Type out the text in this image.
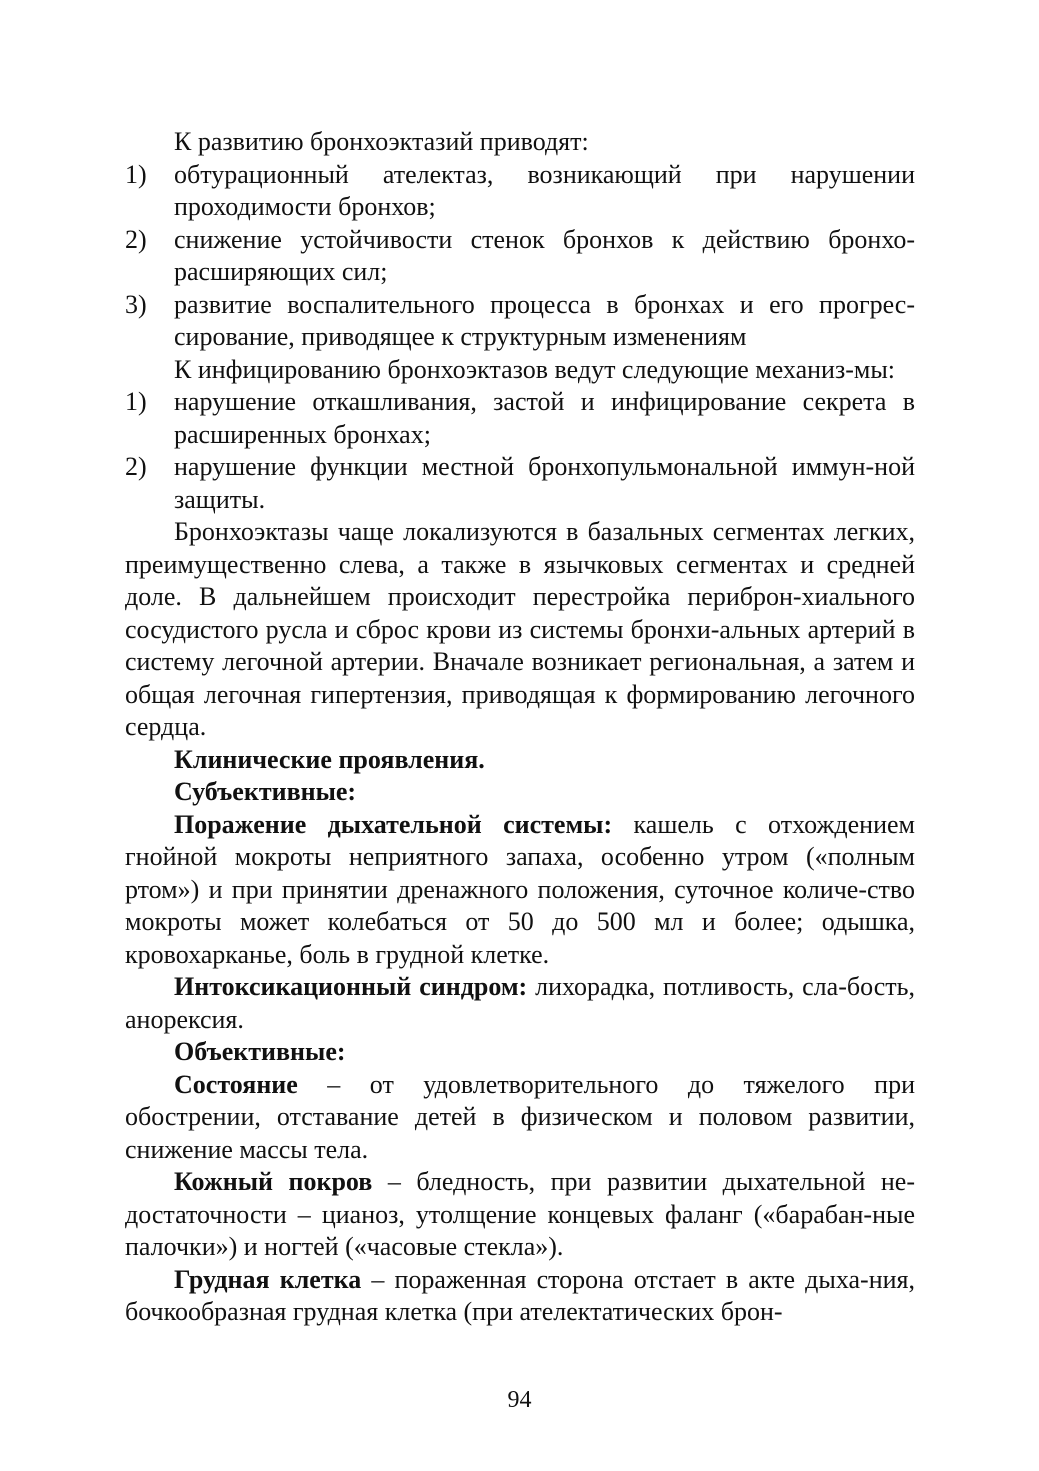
К развитию бронхоэктазий приводят:

1) обтурационный ателектаз, возникающий при нарушении проходимости бронхов;
2) снижение устойчивости стенок бронхов к действию бронхо-расширяющих сил;
3) развитие воспалительного процесса в бронхах и его прогрес-сирование, приводящее к структурным изменениям

К инфицированию бронхоэктазов ведут следующие механиз-мы:

1) нарушение откашливания, застой и инфицирование секрета в расширенных бронхах;
2) нарушение функции местной бронхопульмональной иммун-ной защиты.

Бронхоэктазы чаще локализуются в базальных сегментах легких, преимущественно слева, а также в язычковых сегментах и средней доле. В дальнейшем происходит перестройка периброн-хиального сосудистого русла и сброс крови из системы бронхи-альных артерий в систему легочной артерии. Вначале возникает региональная, а затем и общая легочная гипертензия, приводящая к формированию легочного сердца.

Клинические проявления.

Субъективные:

Поражение дыхательной системы: кашель с отхождением гнойной мокроты неприятного запаха, особенно утром («полным ртом») и при принятии дренажного положения, суточное количе-ство мокроты может колебаться от 50 до 500 мл и более; одышка, кровохарканье, боль в грудной клетке.

Интоксикационный синдром: лихорадка, потливость, сла-бость, анорексия.

Объективные:

Состояние – от удовлетворительного до тяжелого при обострении, отставание детей в физическом и половом развитии, снижение массы тела.

Кожный покров – бледность, при развитии дыхательной не-достаточности – цианоз, утолщение концевых фаланг («барабан-ные палочки») и ногтей («часовые стекла»).

Грудная клетка – пораженная сторона отстает в акте дыха-ния, бочкообразная грудная клетка (при ателектатических брон-

94
